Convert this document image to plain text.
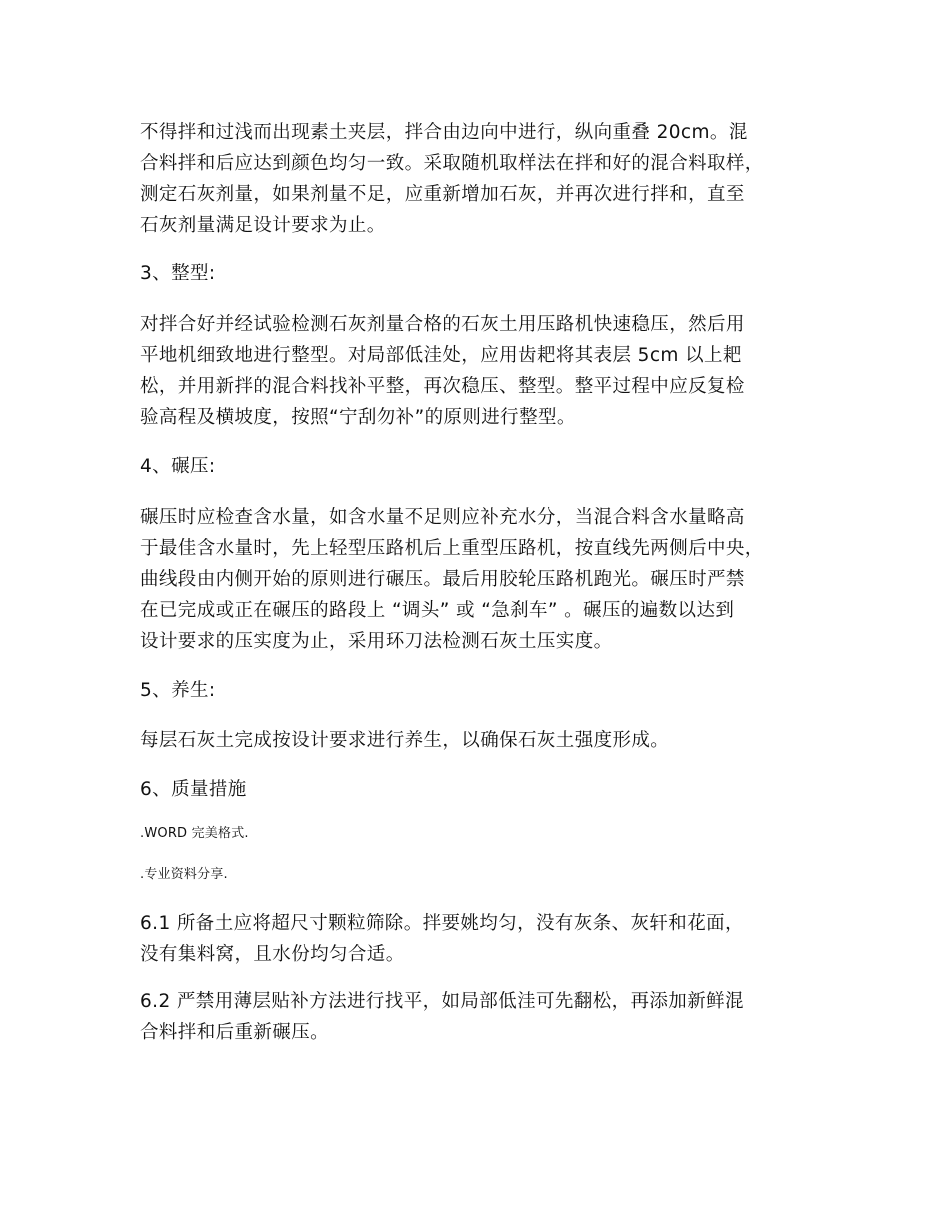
不得拌和过浅而出现素土夹层，拌合由边向中进行，纵向重叠 20cm。混
合料拌和后应达到颜色均匀一致。采取随机取样法在拌和好的混合料取样，
测定石灰剂量，如果剂量不足，应重新增加石灰，并再次进行拌和，直至
石灰剂量满足设计要求为止。
3、整型:
对拌合好并经试验检测石灰剂量合格的石灰土用压路机快速稳压，然后用
平地机细致地进行整型。对局部低洼处，应用齿耙将其表层 5cm 以上耙
松，并用新拌的混合料找补平整，再次稳压、整型。整平过程中应反复检
验高程及横坡度，按照“宁刮勿补”的原则进行整型。
4、碾压:
碾压时应检查含水量，如含水量不足则应补充水分，当混合料含水量略高
于最佳含水量时，先上轻型压路机后上重型压路机，按直线先两侧后中央，
曲线段由内侧开始的原则进行碾压。最后用胶轮压路机跑光。碾压时严禁
在已完成或正在碾压的路段上 “调头” 或 “急刹车” 。碾压的遍数以达到
设计要求的压实度为止，采用环刀法检测石灰土压实度。
5、养生:
每层石灰土完成按设计要求进行养生，以确保石灰土强度形成。
6、质量措施
.WORD 完美格式.
.专业资料分享.
6.1 所备土应将超尺寸颗粒筛除。拌要姚均匀，没有灰条、灰轩和花面，
没有集料窝，且水份均匀合适。
6.2 严禁用薄层贴补方法进行找平，如局部低洼可先翻松，再添加新鲜混
合料拌和后重新碾压。
